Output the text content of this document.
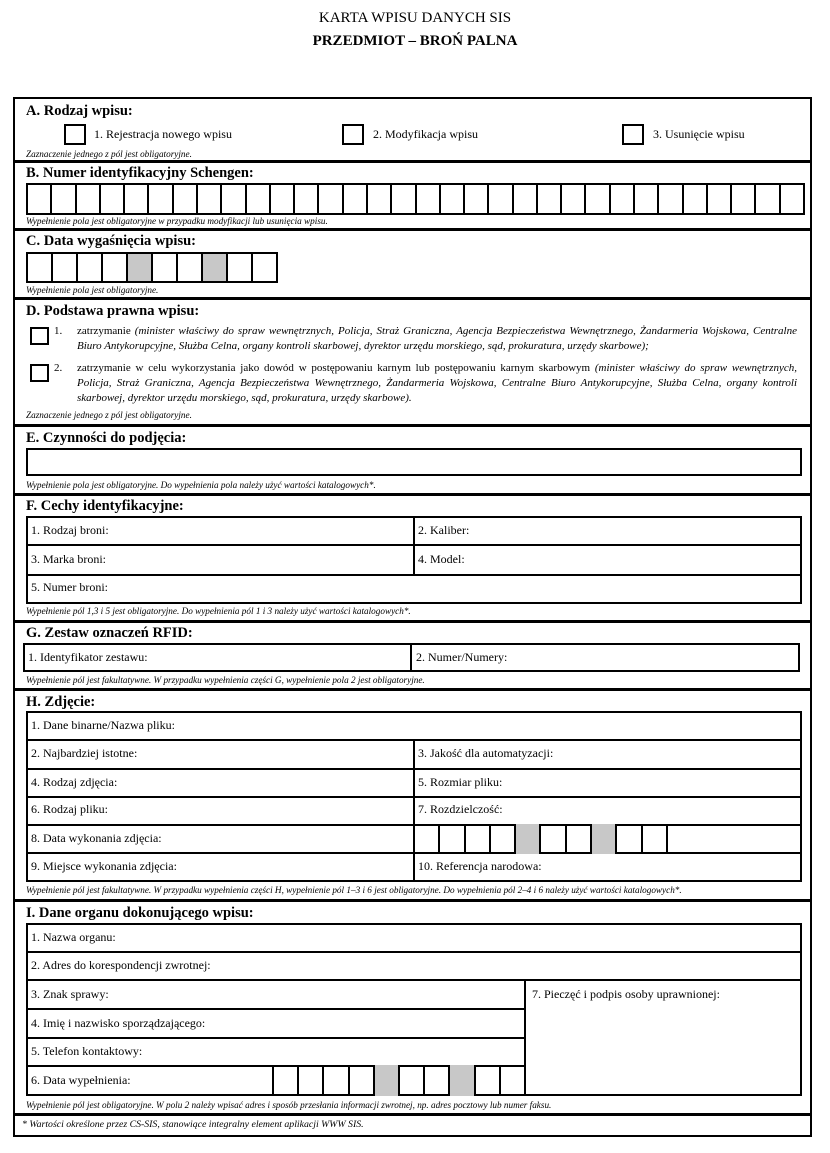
KARTA WPISU DANYCH SIS
PRZEDMIOT – BROŃ PALNA
A. Rodzaj wpisu:
1. Rejestracja nowego wpisu	2. Modyfikacja wpisu	3. Usunięcie wpisu
Zaznaczenie jednego z pól jest obligatoryjne.
B. Numer identyfikacyjny Schengen:
Wypełnienie pola jest obligatoryjne w przypadku modyfikacji lub usunięcia wpisu.
C. Data wygaśnięcia wpisu:
Wypełnienie pola jest obligatoryjne.
D. Podstawa prawna wpisu:
1. zatrzymanie (minister właściwy do spraw wewnętrznych, Policja, Straż Graniczna, Agencja Bezpieczeństwa Wewnętrznego, Żandarmeria Wojskowa, Centralne Biuro Antykorupcyjne, Służba Celna, organy kontroli skarbowej, dyrektor urzędu morskiego, sąd, prokuratura, urzędy skarbowe);
2. zatrzymanie w celu wykorzystania jako dowód w postępowaniu karnym lub postępowaniu karnym skarbowym (minister właściwy do spraw wewnętrznych, Policja, Straż Graniczna, Agencja Bezpieczeństwa Wewnętrznego, Żandarmeria Wojskowa, Centralne Biuro Antykorupcyjne, Służba Celna, organy kontroli skarbowej, dyrektor urzędu morskiego, sąd, prokuratura, urzędy skarbowe).
Zaznaczenie jednego z pól jest obligatoryjne.
E. Czynności do podjęcia:
Wypełnienie pola jest obligatoryjne. Do wypełnienia pola należy użyć wartości katalogowych*.
F. Cechy identyfikacyjne:
1. Rodzaj broni:	2. Kaliber:
3. Marka broni:	4. Model:
5. Numer broni:
Wypełnienie pól 1,3 i 5 jest obligatoryjne. Do wypełnienia pól 1 i 3 należy użyć wartości katalogowych*.
G. Zestaw oznaczeń RFID:
1. Identyfikator zestawu:	2. Numer/Numery:
Wypełnienie pól jest fakultatywne. W przypadku wypełnienia części G, wypełnienie pola 2 jest obligatoryjne.
H. Zdjęcie:
1. Dane binarne/Nazwa pliku:
2. Najbardziej istotne:	3. Jakość dla automatyzacji:
4. Rodzaj zdjęcia:	5. Rozmiar pliku:
6. Rodzaj pliku:	7. Rozdzielczość:
8. Data wykonania zdjęcia:
9. Miejsce wykonania zdjęcia:	10. Referencja narodowa:
Wypełnienie pól jest fakultatywne. W przypadku wypełnienia części H, wypełnienie pól 1–3 i 6 jest obligatoryjne. Do wypełnienia pól 2–4 i 6 należy użyć wartości katalogowych*.
I. Dane organu dokonującego wpisu:
1. Nazwa organu:
2. Adres do korespondencji zwrotnej:
3. Znak sprawy:
4. Imię i nazwisko sporządzającego:
5. Telefon kontaktowy:
6. Data wypełnienia:
7. Pieczęć i podpis osoby uprawnionej:
Wypełnienie pól jest obligatoryjne. W polu 2 należy wpisać adres i sposób przesłania informacji zwrotnej, np. adres pocztowy lub numer faksu.
* Wartości określone przez CS-SIS, stanowiące integralny element aplikacji WWW SIS.
